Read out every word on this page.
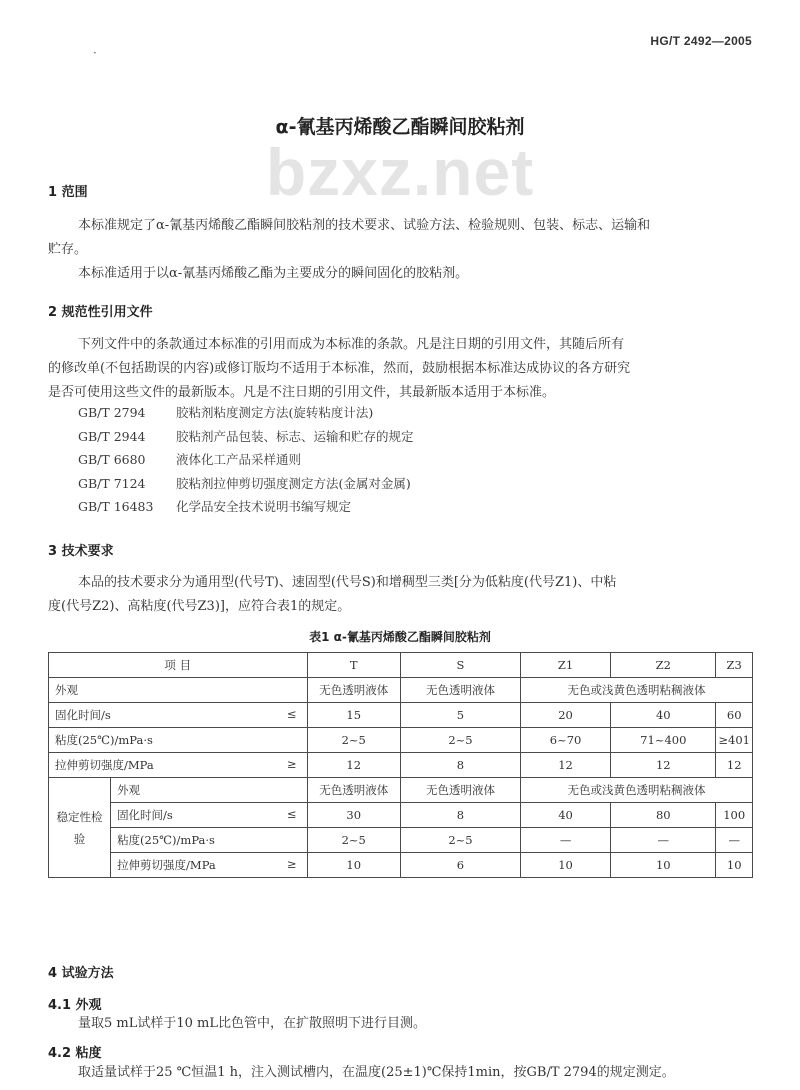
HG/T 2492—2005
·
bzxz.net
α-氰基丙烯酸乙酯瞬间胶粘剂
1 范围
本标准规定了α-氰基丙烯酸乙酯瞬间胶粘剂的技术要求、试验方法、检验规则、包装、标志、运输和
贮存。
本标准适用于以α-氰基丙烯酸乙酯为主要成分的瞬间固化的胶粘剂。
2 规范性引用文件
下列文件中的条款通过本标准的引用而成为本标准的条款。凡是注日期的引用文件，其随后所有
的修改单(不包括勘误的内容)或修订版均不适用于本标准，然而，鼓励根据本标准达成协议的各方研究
是否可使用这些文件的最新版本。凡是不注日期的引用文件，其最新版本适用于本标准。
GB/T 2794 胶粘剂粘度测定方法(旋转粘度计法)
GB/T 2944 胶粘剂产品包装、标志、运输和贮存的规定
GB/T 6680 液体化工产品采样通则
GB/T 7124 胶粘剂拉伸剪切强度测定方法(金属对金属)
GB/T 16483 化学品安全技术说明书编写规定
3 技术要求
本品的技术要求分为通用型(代号T)、速固型(代号S)和增稠型三类[分为低粘度(代号Z1)、中粘
度(代号Z2)、高粘度(代号Z3)]，应符合表1的规定。
表1 α-氰基丙烯酸乙酯瞬间胶粘剂
项 目		T	S	Z1	Z2	Z3
外观		无色透明液体	无色透明液体	无色或浅黄色透明粘稠液体		
固化时间/s ≤		15	5	20	40	60
粘度(25℃)/mPa·s		2~5	2~5	6~70	71~400	≥401
拉伸剪切强度/MPa ≥		12	8	12	12	12
稳定性检验	外观	无色透明液体	无色透明液体	无色或浅黄色透明粘稠液体		
	固化时间/s ≤	30	8	40	80	100
	粘度(25℃)/mPa·s	2~5	2~5	—	—	—
	拉伸剪切强度/MPa ≥	10	6	10	10	10
4 试验方法
4.1 外观
量取5 mL试样于10 mL比色管中，在扩散照明下进行目测。
4.2 粘度
取适量试样于25 ℃恒温1 h，注入测试槽内，在温度(25±1)℃保持1min，按GB/T 2794的规定测定。
